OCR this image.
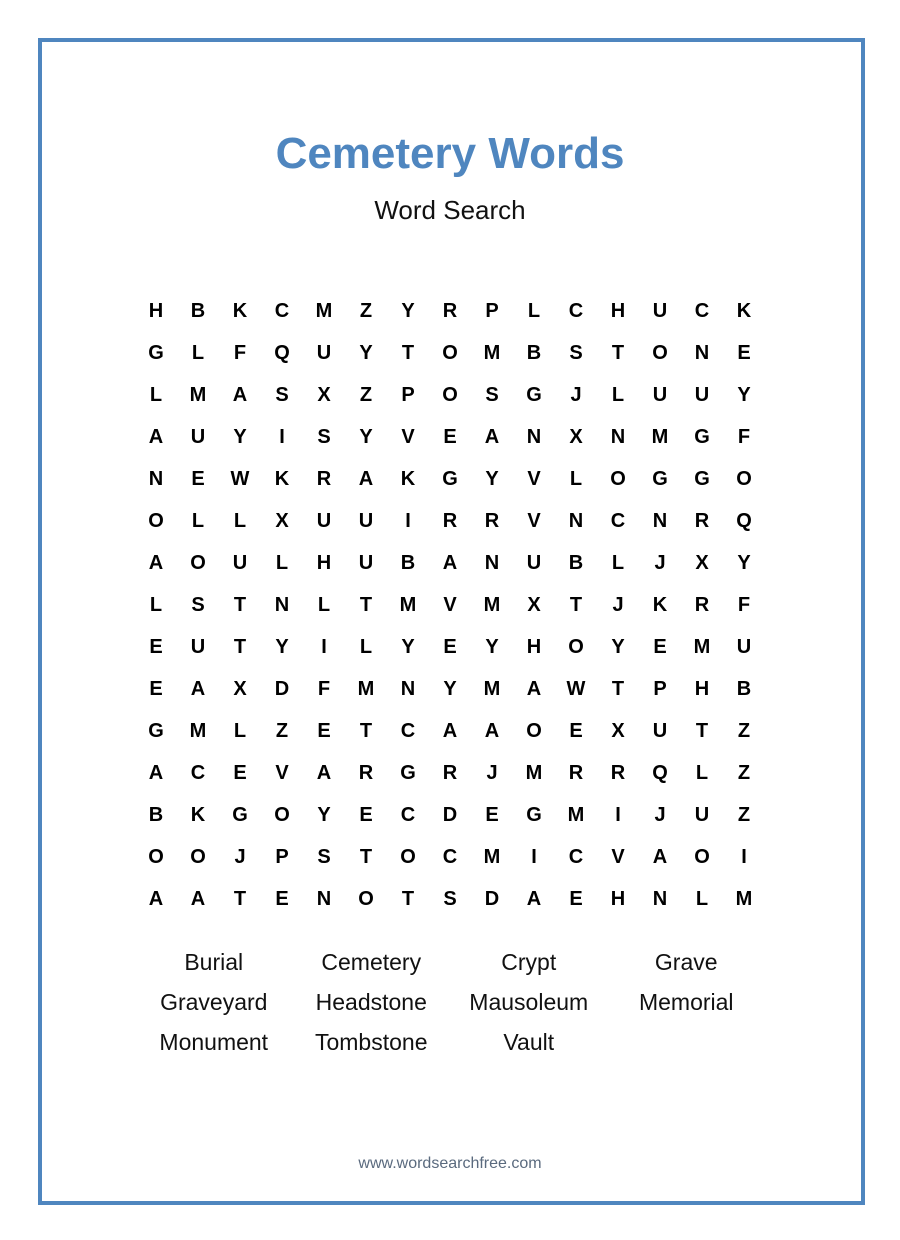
Cemetery Words
Word Search
H	B	K	C	M	Z	Y	R	P	L	C	H	U	C	K
G	L	F	Q	U	Y	T	O	M	B	S	T	O	N	E
L	M	A	S	X	Z	P	O	S	G	J	L	U	U	Y
A	U	Y	I	S	Y	V	E	A	N	X	N	M	G	F
N	E	W	K	R	A	K	G	Y	V	L	O	G	G	O
O	L	L	X	U	U	I	R	R	V	N	C	N	R	Q
A	O	U	L	H	U	B	A	N	U	B	L	J	X	Y
L	S	T	N	L	T	M	V	M	X	T	J	K	R	F
E	U	T	Y	I	L	Y	E	Y	H	O	Y	E	M	U
E	A	X	D	F	M	N	Y	M	A	W	T	P	H	B
G	M	L	Z	E	T	C	A	A	O	E	X	U	T	Z
A	C	E	V	A	R	G	R	J	M	R	R	Q	L	Z
B	K	G	O	Y	E	C	D	E	G	M	I	J	U	Z
O	O	J	P	S	T	O	C	M	I	C	V	A	O	I
A	A	T	E	N	O	T	S	D	A	E	H	N	L	M
Burial	Cemetery	Crypt	Grave
Graveyard	Headstone	Mausoleum	Memorial
Monument	Tombstone	Vault
www.wordsearchfree.com
